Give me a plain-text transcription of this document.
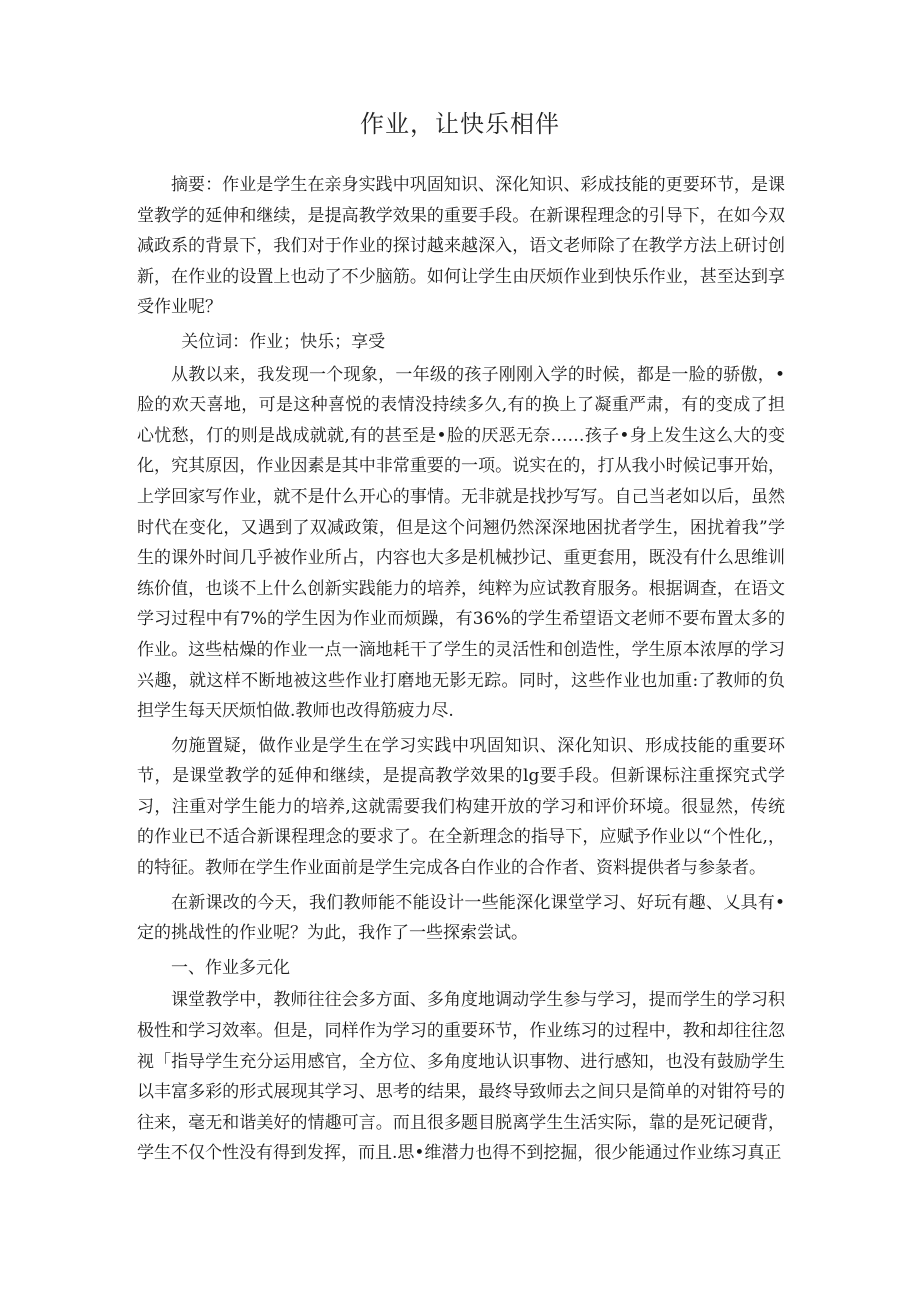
作业，让快乐相伴

摘要：作业是学生在亲身实践中巩固知识、深化知识、彩成技能的更要环节，是课堂教学的延伸和继续，是提高教学效果的重要手段。在新课程理念的引导下，在如今双减政系的背景下，我们对于作业的探讨越来越深入，语文老师除了在教学方法上研讨创新，在作业的设置上也动了不少脑筋。如何让学生由厌烦作业到快乐作业，甚至达到享受作业呢？

关位词：作业；快乐；享受

从教以来，我发现一个现象，一年级的孩子刚刚入学的时候，都是一脸的骄傲，•脸的欢天喜地，可是这种喜悦的表情没持续多久,有的换上了凝重严肃，有的变成了担心忧愁，仃的则是战成就就,有的甚至是•脸的厌恶无奈……孩子•身上发生这么大的变化，究其原因，作业因素是其中非常重要的一项。说实在的，打从我小时候记事开始，上学回家写作业，就不是什么开心的事情。无非就是找抄写写。自己当老如以后，虽然时代在变化，又遇到了双减政策，但是这个问翘仍然深深地困扰者学生，困扰着我”学生的课外时间几乎被作业所占，内容也大多是机械抄记、重更套用，既没有什么思维训练价值，也谈不上什么创新实践能力的培养，纯粹为应试教育服务。根据调查，在语文学习过程中有7%的学生因为作业而烦躁，有36%的学生希望语文老师不要布置太多的作业。这些枯燥的作业一点一滴地耗干了学生的灵活性和创造性，学生原本浓厚的学习兴趣，就这样不断地被这些作业打磨地无影无踪。同时，这些作业也加重:了教师的负担学生每天厌烦怕做.教师也改得筋疲力尽.

勿施置疑，做作业是学生在学习实践中巩固知识、深化知识、形成技能的重要环节，是课堂教学的延伸和继续，是提高教学效果的lg要手段。但新课标注重探究式学习，注重对学生能力的培养,这就需要我们构建开放的学习和评价环境。很显然，传统的作业已不适合新课程理念的要求了。在全新理念的指导下，应赋予作业以“个性化,，的特征。教师在学生作业面前是学生完成各白作业的合作者、资料提供者与参彖者。

在新课改的今天，我们教师能不能设计一些能深化课堂学习、好玩有趣、乂具有•定的挑战性的作业呢？为此，我作了一些探索尝试。

一、作业多元化

课堂教学中，教师往往会多方面、多角度地调动学生参与学习，提而学生的学习积极性和学习效率。但是，同样作为学习的重要环节，作业练习的过程中，教和却往往忽视「指导学生充分运用感官，全方位、多角度地认识事物、进行感知，也没有鼓励学生以丰富多彩的形式展现其学习、思考的结果，最终导致师去之间只是简单的对钳符号的往来，毫无和谐美好的情趣可言。而且很多题目脱离学生生活实际，靠的是死记硬背，学生不仅个性没有得到发挥，而且.思•维潜力也得不到挖掘，很少能通过作业练习真正
